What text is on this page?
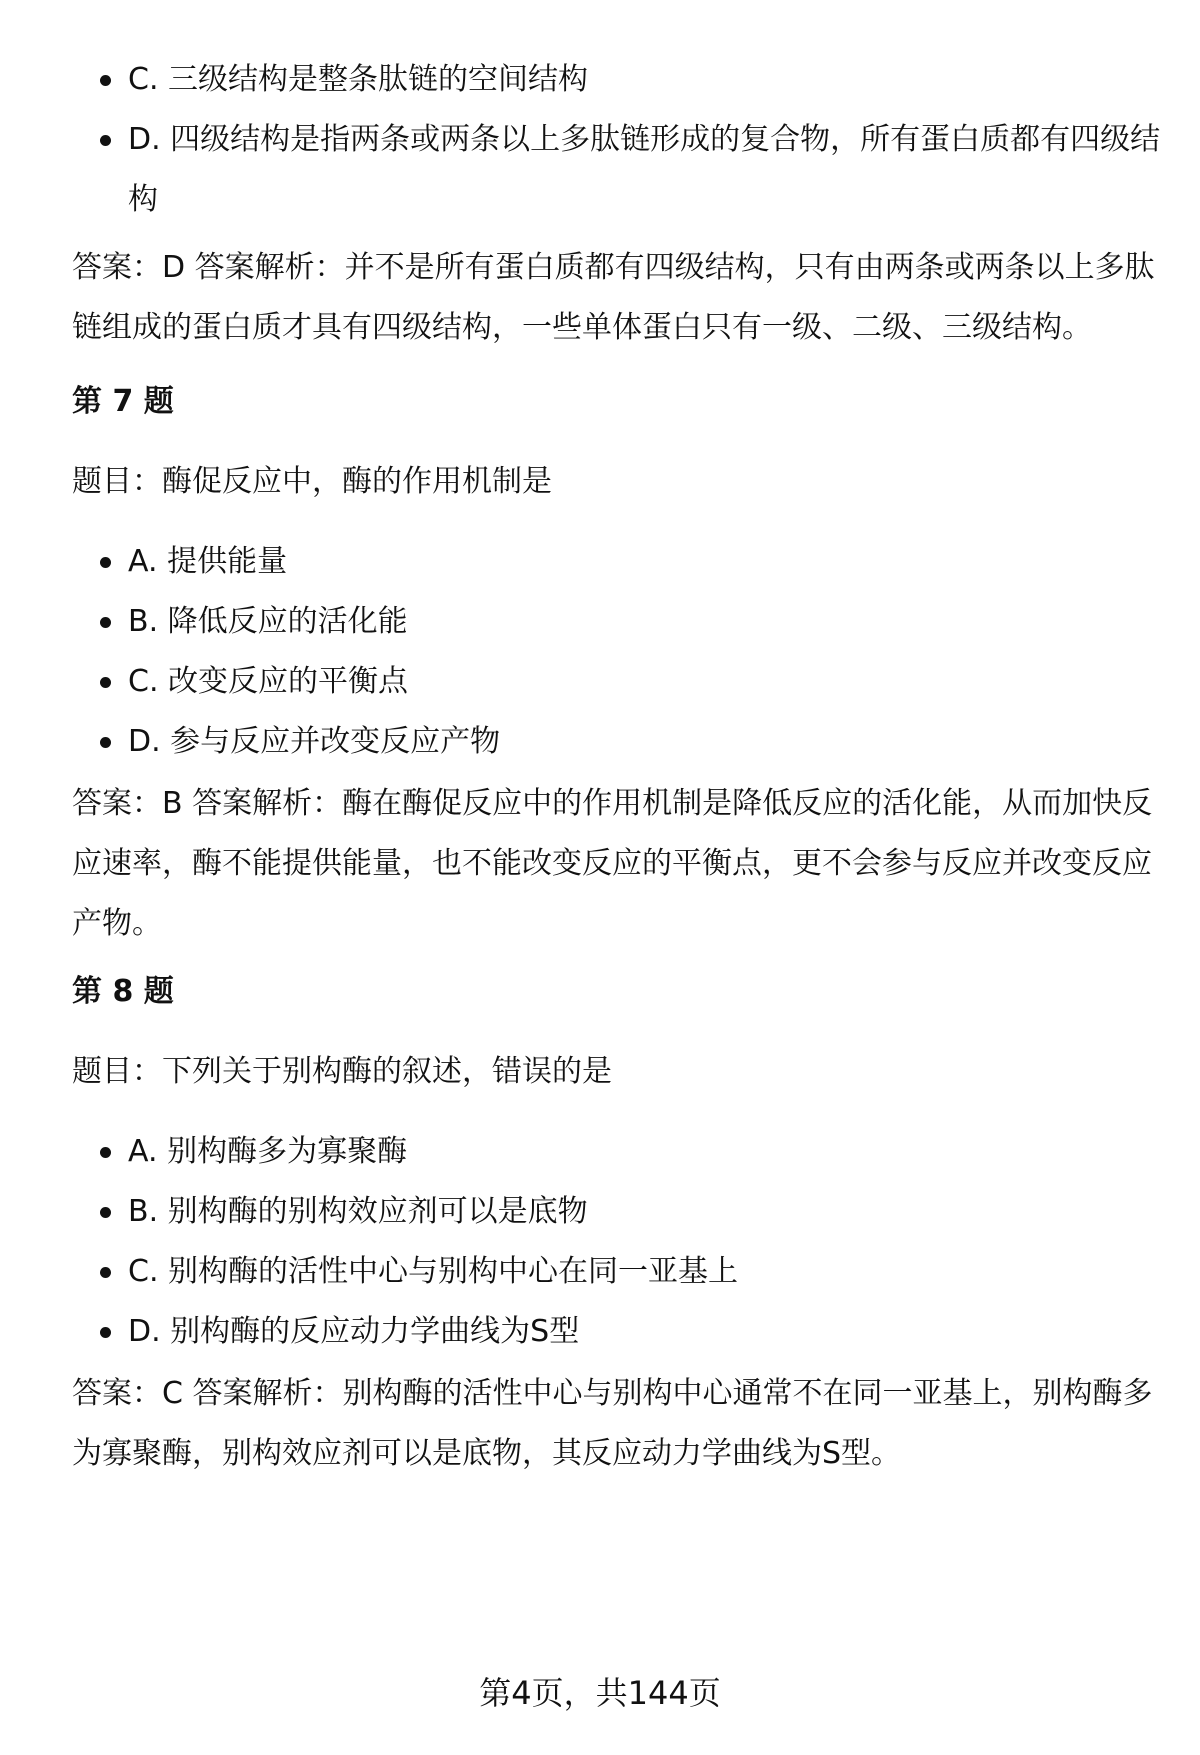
C. 三级结构是整条肽链的空间结构
D. 四级结构是指两条或两条以上多肽链形成的复合物，所有蛋白质都有四级结构

答案：D 答案解析：并不是所有蛋白质都有四级结构，只有由两条或两条以上多肽链组成的蛋白质才具有四级结构，一些单体蛋白只有一级、二级、三级结构。

第 7 题

题目：酶促反应中，酶的作用机制是

A. 提供能量
B. 降低反应的活化能
C. 改变反应的平衡点
D. 参与反应并改变反应产物

答案：B 答案解析：酶在酶促反应中的作用机制是降低反应的活化能，从而加快反应速率，酶不能提供能量，也不能改变反应的平衡点，更不会参与反应并改变反应产物。

第 8 题

题目：下列关于别构酶的叙述，错误的是

A. 别构酶多为寡聚酶
B. 别构酶的别构效应剂可以是底物
C. 别构酶的活性中心与别构中心在同一亚基上
D. 别构酶的反应动力学曲线为S型

答案：C 答案解析：别构酶的活性中心与别构中心通常不在同一亚基上，别构酶多为寡聚酶，别构效应剂可以是底物，其反应动力学曲线为S型。

第4页，共144页
